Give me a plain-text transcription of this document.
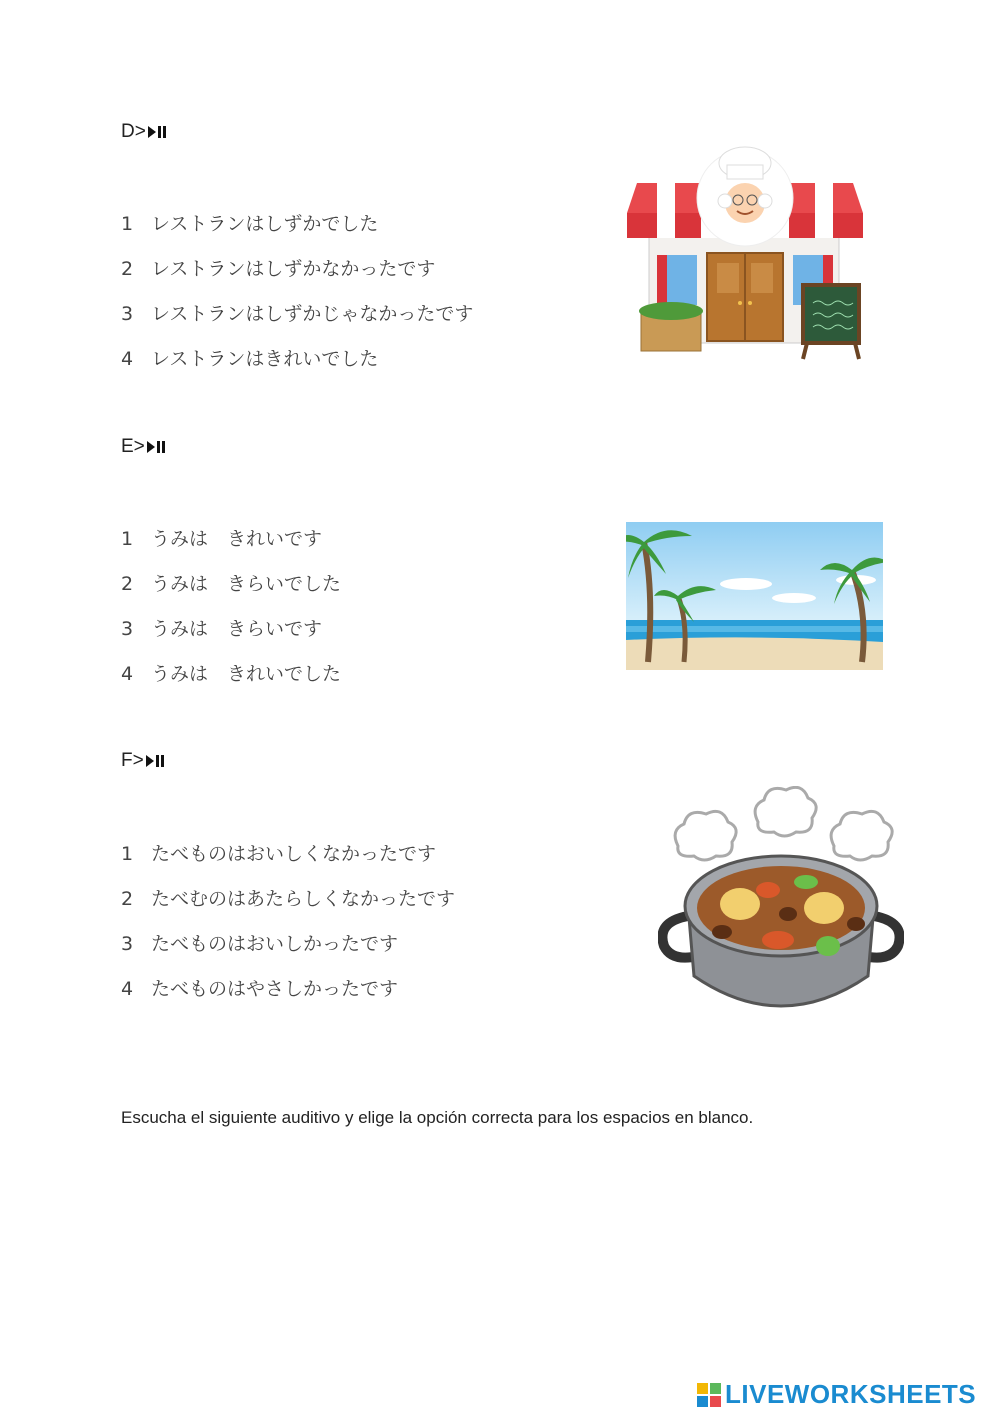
D>
1 レストランはしずかでした
2 レストランはしずかなかったです
3 レストランはしずかじゃなかったです
4 レストランはきれいでした
E>
1 うみは　きれいです
2 うみは　きらいでした
3 うみは　きらいです
4 うみは　きれいでした
F>
1 たべものはおいしくなかったです
2 たべむのはあたらしくなかったです
3 たべものはおいしかったです
4 たべものはやさしかったです
Escucha el siguiente auditivo y elige la opción correcta para los espacios en blanco.
LIVEWORKSHEETS
